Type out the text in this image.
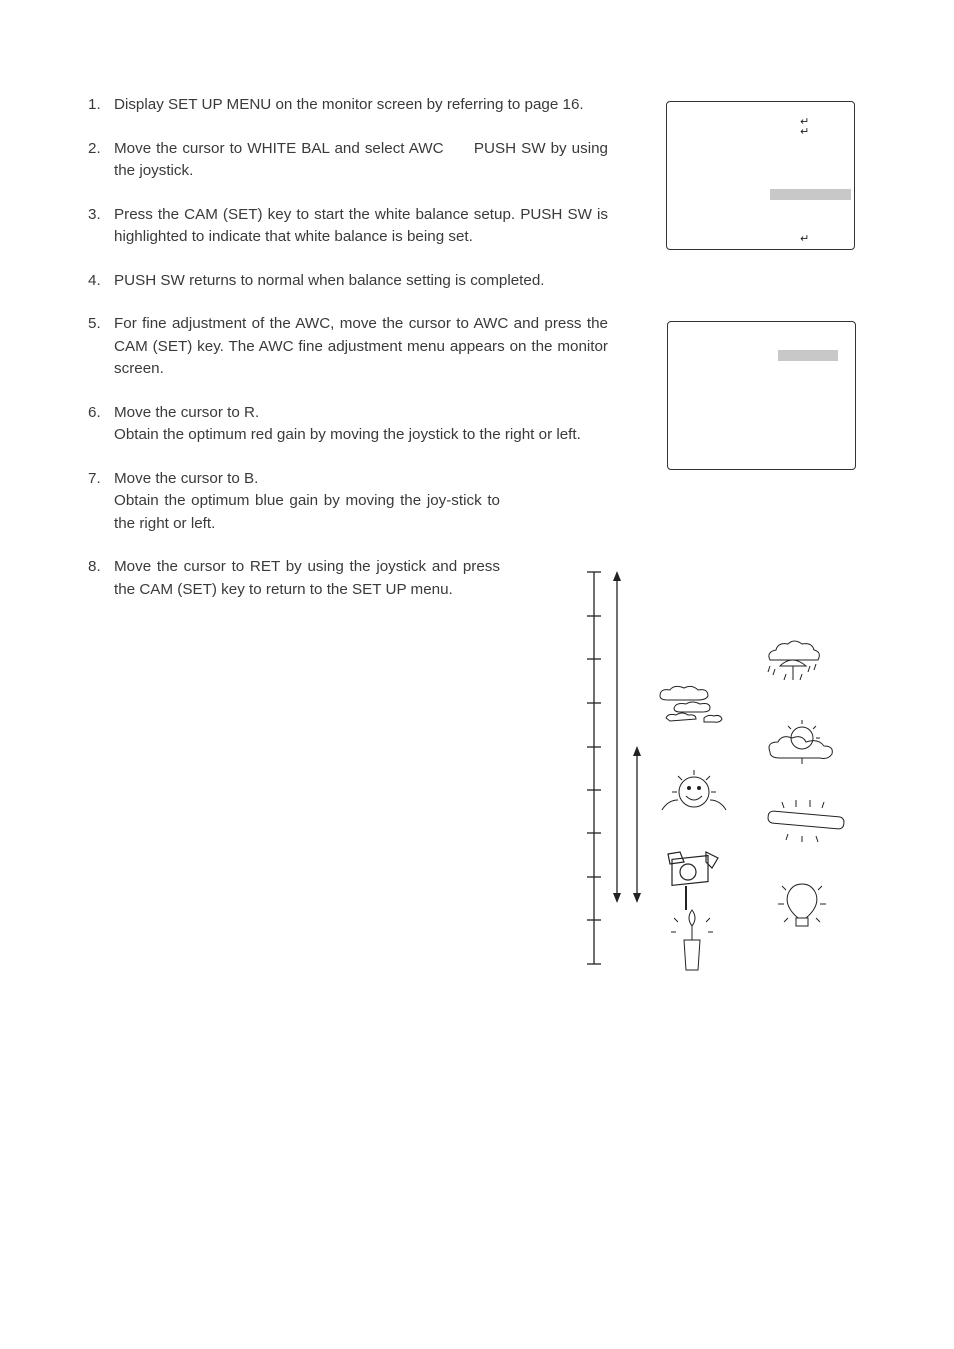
1. Display SET UP MENU on the monitor screen by referring to page 16.

2. Move the cursor to WHITE BAL and select AWC      PUSH SW by using the joystick.

3. Press the CAM (SET) key to start the white balance setup. PUSH SW is highlighted to indicate that white balance is being set.

4. PUSH SW returns to normal when balance setting is completed.

5. For fine adjustment of the AWC, move the cursor to AWC and press the CAM (SET) key. The AWC fine adjustment menu appears on the monitor screen.

6. Move the cursor to R.

Obtain the optimum red gain by moving the joystick to the right or left.

7. Move the cursor to B.

Obtain the optimum blue gain by moving the joy-stick to the right or left.

8. Move the cursor to RET by using the joystick and press the CAM (SET) key to return to the SET UP menu.

↵
↵
↵
